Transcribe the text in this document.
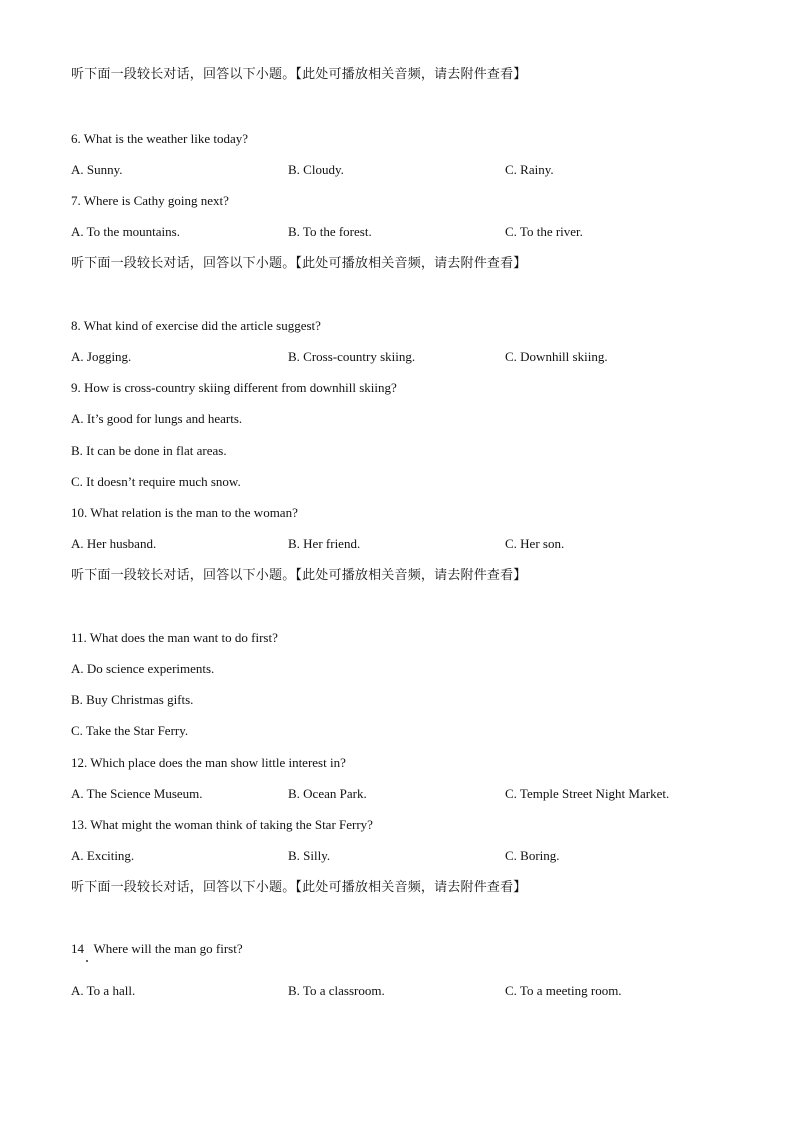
听下面一段较长对话，回答以下小题。【此处可播放相关音频，请去附件查看】
6. What is the weather like today?
A. Sunny.	B. Cloudy.	C. Rainy.
7. Where is Cathy going next?
A. To the mountains.	B. To the forest.	C. To the river.
听下面一段较长对话，回答以下小题。【此处可播放相关音频，请去附件查看】
8. What kind of exercise did the article suggest?
A. Jogging.	B. Cross-country skiing.	C. Downhill skiing.
9. How is cross-country skiing different from downhill skiing?
A. It’s good for lungs and hearts.
B. It can be done in flat areas.
C. It doesn’t require much snow.
10. What relation is the man to the woman?
A. Her husband.	B. Her friend.	C. Her son.
听下面一段较长对话，回答以下小题。【此处可播放相关音频，请去附件查看】
11. What does the man want to do first?
A. Do science experiments.
B. Buy Christmas gifts.
C. Take the Star Ferry.
12. Which place does the man show little interest in?
A. The Science Museum.	B. Ocean Park.	C. Temple Street Night Market.
13. What might the woman think of taking the Star Ferry?
A. Exciting.	B. Silly.	C. Boring.
听下面一段较长对话，回答以下小题。【此处可播放相关音频，请去附件查看】
14   Where will the man go first?
A. To a hall.	B. To a classroom.	C. To a meeting room.
